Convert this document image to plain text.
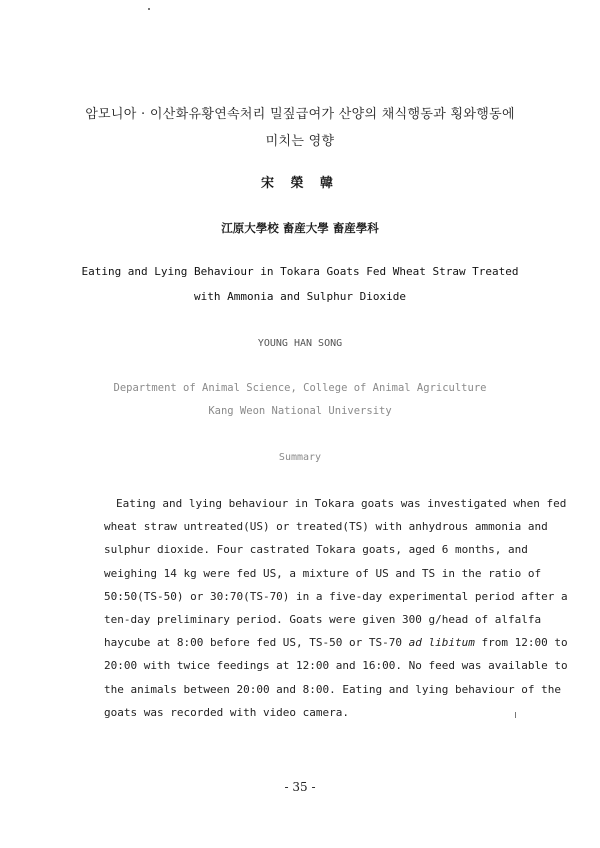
암모니아 · 이산화유황연속처리 밀짚급여가 산양의 채식행동과 횡와행동에
미치는 영향
宋 榮 韓
江原大學校 畜産大學 畜産學科
Eating and Lying Behaviour in Tokara Goats Fed Wheat Straw Treated
with Ammonia and Sulphur Dioxide
YOUNG HAN SONG
Department of Animal Science, College of Animal Agriculture
Kang Weon National University
Summary
Eating and lying behaviour in Tokara goats was investigated when fed
wheat straw untreated(US) or treated(TS) with anhydrous ammonia and
sulphur dioxide. Four castrated Tokara goats, aged 6 months, and
weighing 14 kg were fed US, a mixture of US and TS in the ratio of
50:50(TS-50) or 30:70(TS-70) in a five-day experimental period after a
ten-day preliminary period. Goats were given 300 g/head of alfalfa
haycube at 8:00 before fed US, TS-50 or TS-70 ad libitum from 12:00 to
20:00 with twice feedings at 12:00 and 16:00. No feed was available to
the animals between 20:00 and 8:00. Eating and lying behaviour of the
goats was recorded with video camera.
- 35 -
